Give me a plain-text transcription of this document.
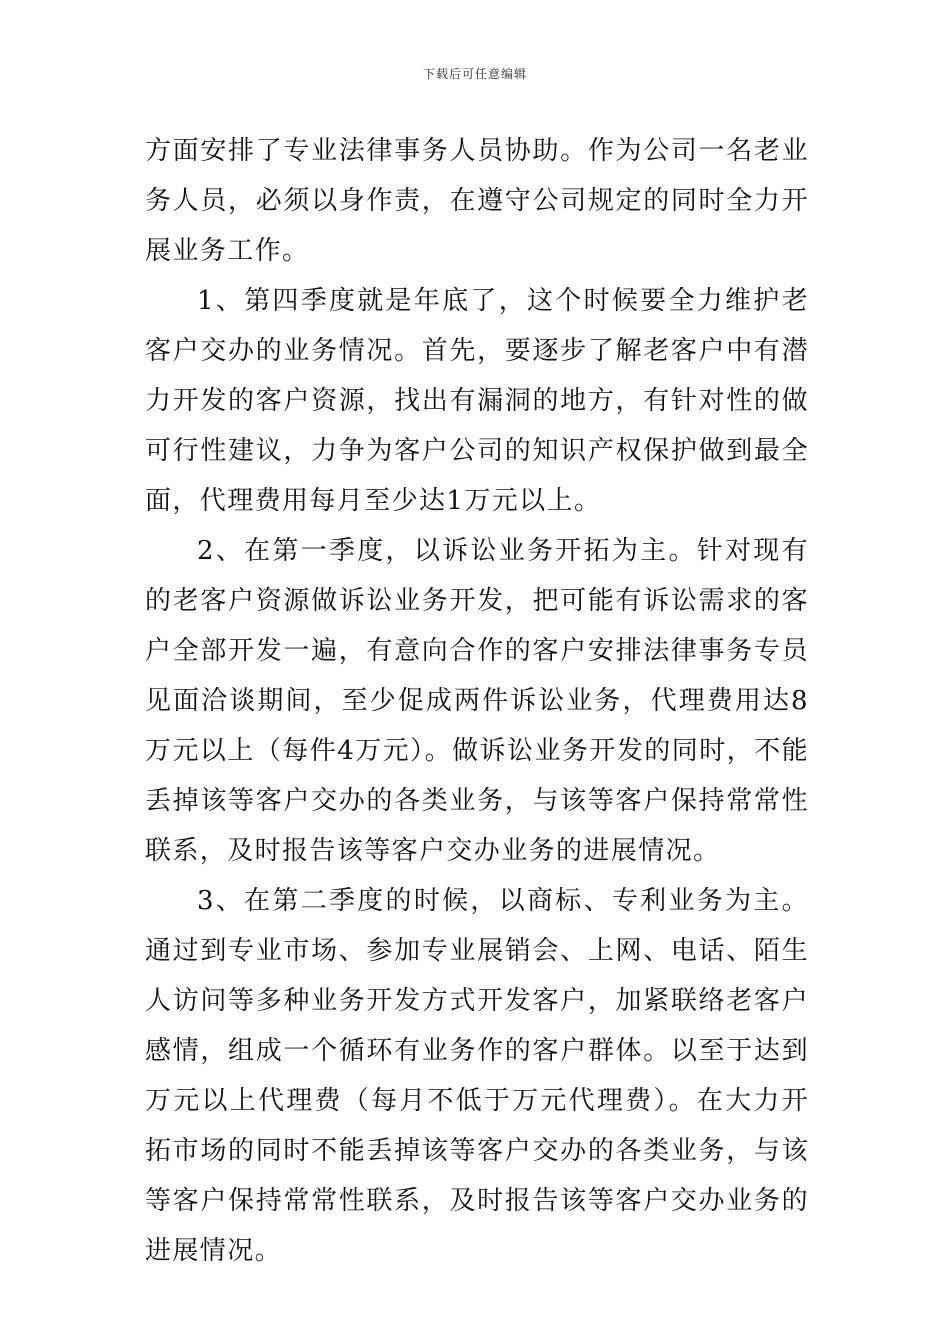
下载后可任意编辑

方面安排了专业法律事务人员协助。作为公司一名老业务人员，必须以身作责，在遵守公司规定的同时全力开展业务工作。

1、第四季度就是年底了，这个时候要全力维护老客户交办的业务情况。首先，要逐步了解老客户中有潜力开发的客户资源，找出有漏洞的地方，有针对性的做可行性建议，力争为客户公司的知识产权保护做到最全面，代理费用每月至少达1万元以上。

2、在第一季度，以诉讼业务开拓为主。针对现有的老客户资源做诉讼业务开发，把可能有诉讼需求的客户全部开发一遍，有意向合作的客户安排法律事务专员见面洽谈期间，至少促成两件诉讼业务，代理费用达8万元以上（每件4万元）。做诉讼业务开发的同时，不能丢掉该等客户交办的各类业务，与该等客户保持常常性联系，及时报告该等客户交办业务的进展情况。

3、在第二季度的时候，以商标、专利业务为主。通过到专业市场、参加专业展销会、上网、电话、陌生人访问等多种业务开发方式开发客户，加紧联络老客户感情，组成一个循环有业务作的客户群体。以至于达到万元以上代理费（每月不低于万元代理费）。在大力开拓市场的同时不能丢掉该等客户交办的各类业务，与该等客户保持常常性联系，及时报告该等客户交办业务的进展情况。
